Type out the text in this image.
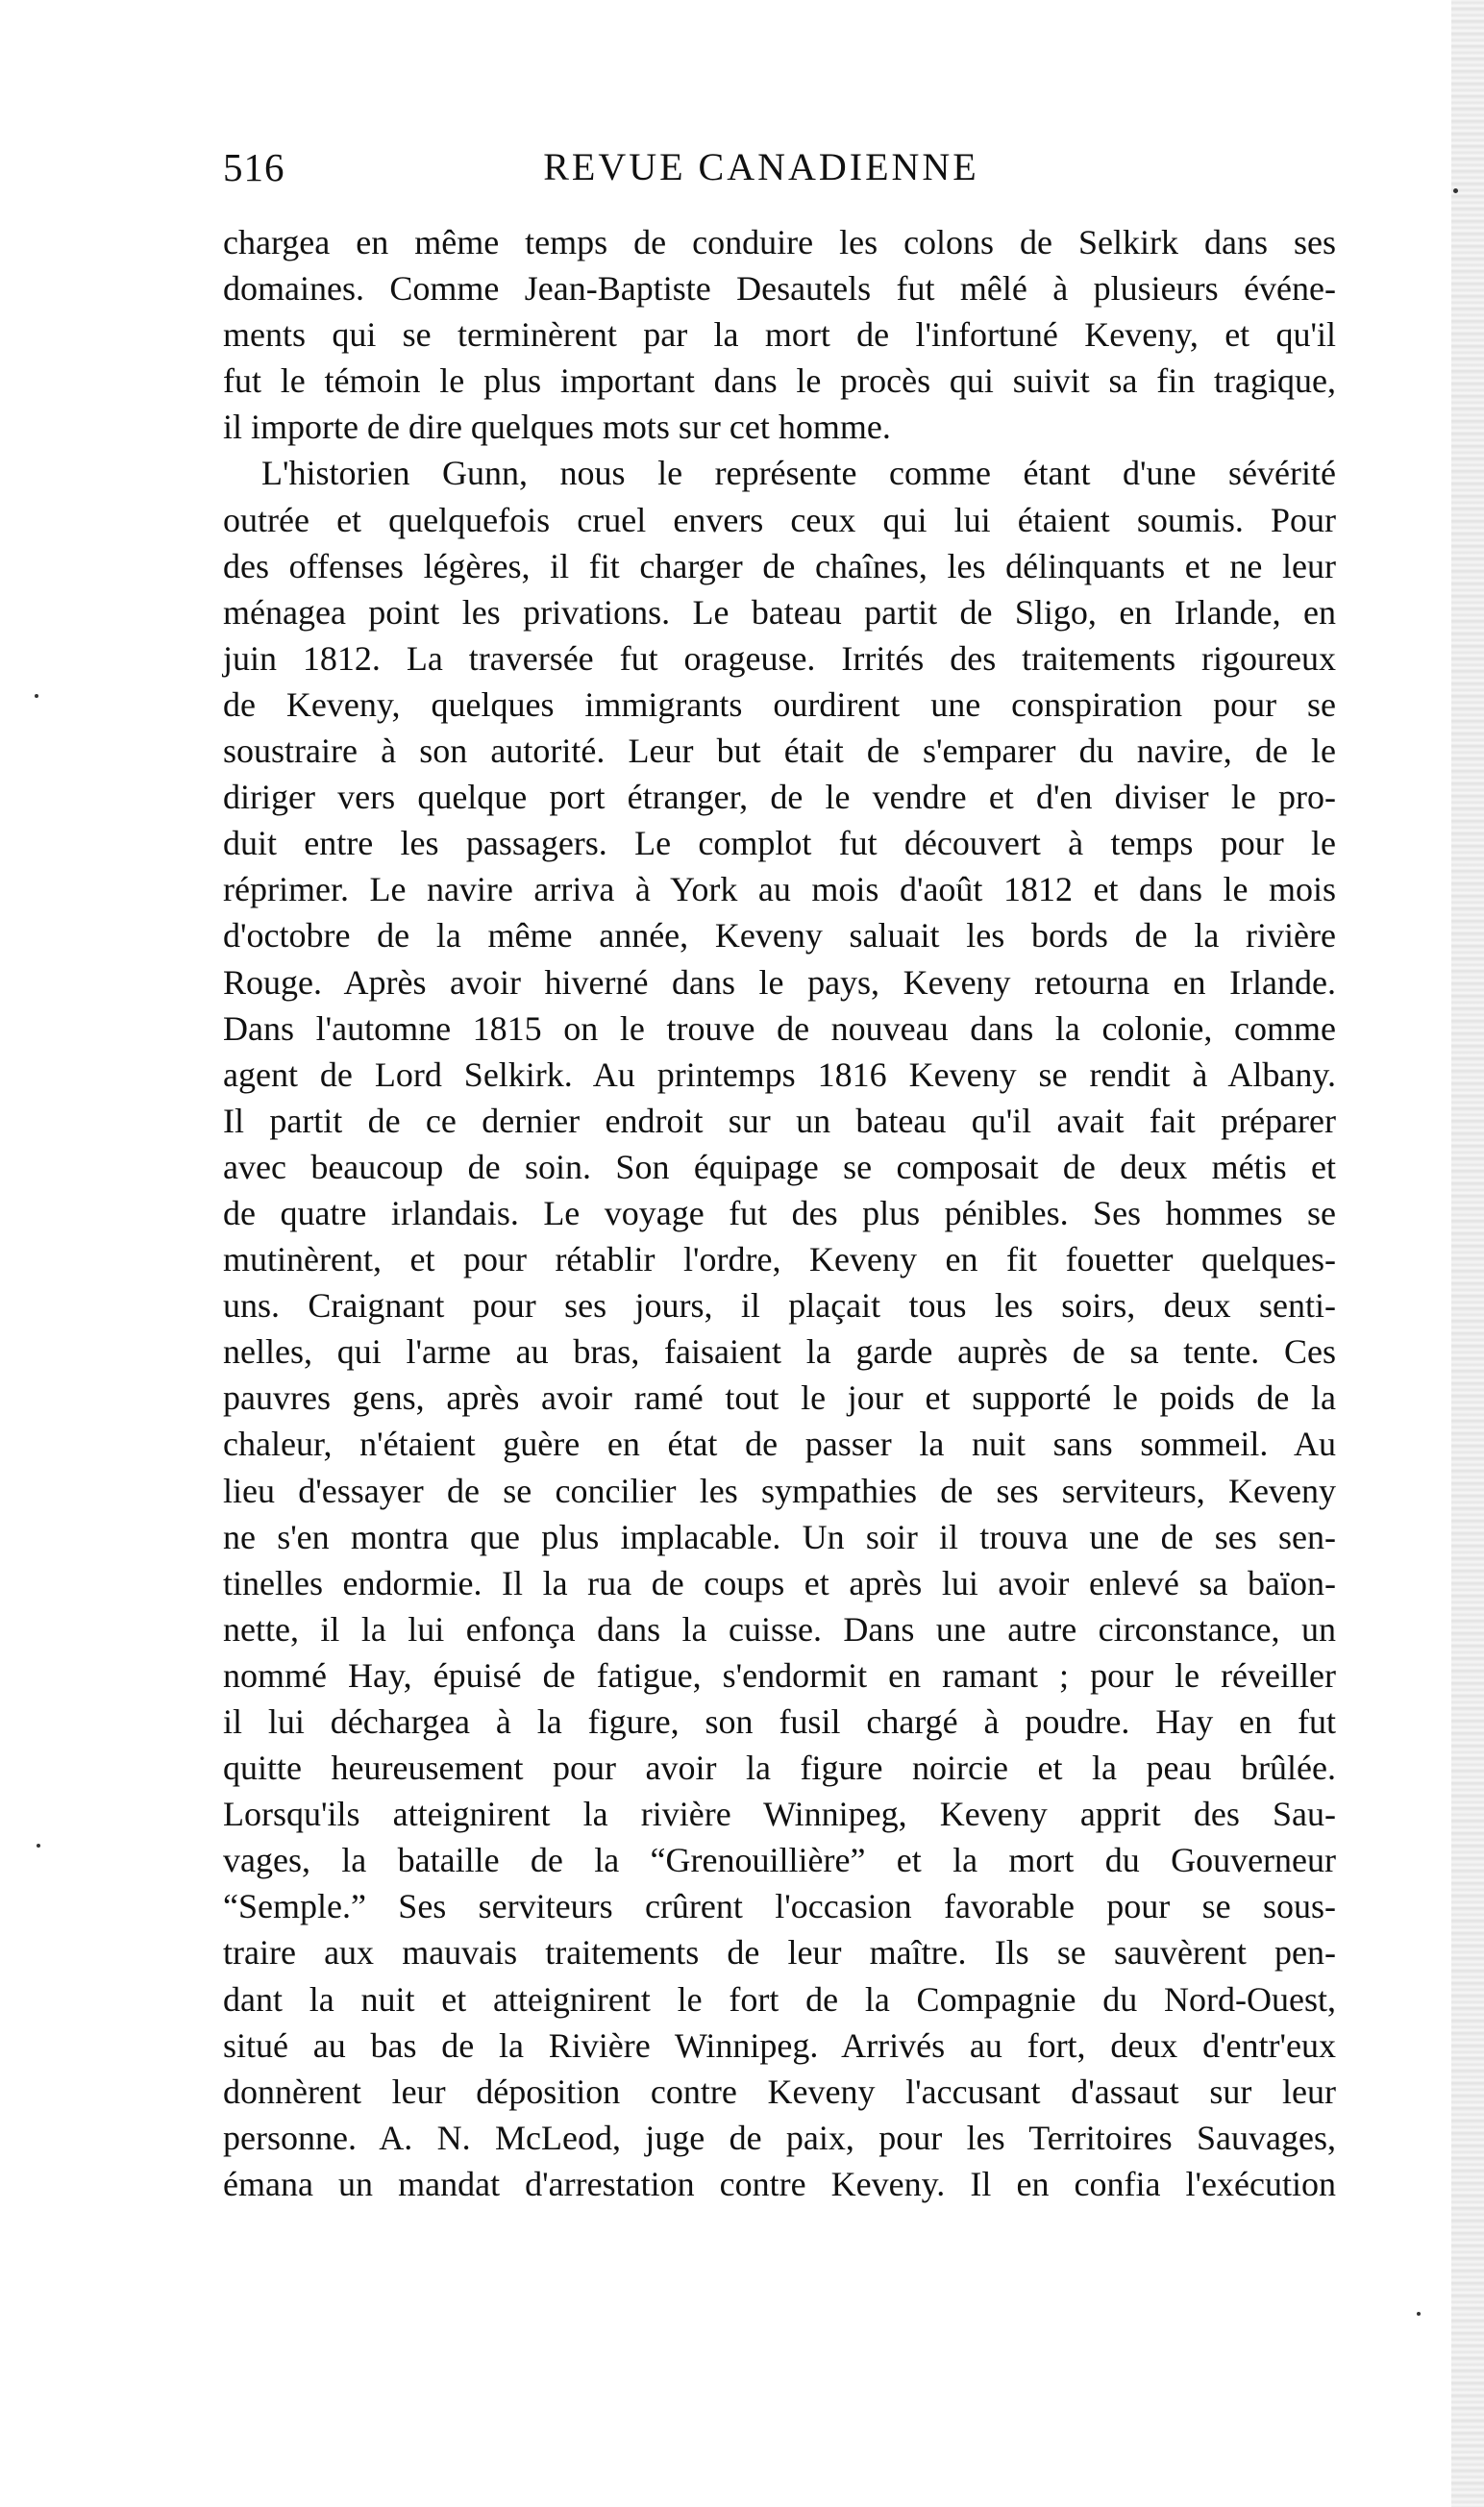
516	REVUE CANADIENNE
chargea en même temps de conduire les colons de Selkirk dans ses
domaines. Comme Jean-Baptiste Desautels fut mêlé à plusieurs événe-
ments qui se terminèrent par la mort de l'infortuné Keveny, et qu'il
fut le témoin le plus important dans le procès qui suivit sa fin tragique,
il importe de dire quelques mots sur cet homme.
L'historien Gunn, nous le représente comme étant d'une sévérité
outrée et quelquefois cruel envers ceux qui lui étaient soumis. Pour
des offenses légères, il fit charger de chaînes, les délinquants et ne leur
ménagea point les privations. Le bateau partit de Sligo, en Irlande, en
juin 1812. La traversée fut orageuse. Irrités des traitements rigoureux
de Keveny, quelques immigrants ourdirent une conspiration pour se
soustraire à son autorité. Leur but était de s'emparer du navire, de le
diriger vers quelque port étranger, de le vendre et d'en diviser le pro-
duit entre les passagers. Le complot fut découvert à temps pour le
réprimer. Le navire arriva à York au mois d'août 1812 et dans le mois
d'octobre de la même année, Keveny saluait les bords de la rivière
Rouge. Après avoir hiverné dans le pays, Keveny retourna en Irlande.
Dans l'automne 1815 on le trouve de nouveau dans la colonie, comme
agent de Lord Selkirk. Au printemps 1816 Keveny se rendit à Albany.
Il partit de ce dernier endroit sur un bateau qu'il avait fait préparer
avec beaucoup de soin. Son équipage se composait de deux métis et
de quatre irlandais. Le voyage fut des plus pénibles. Ses hommes se
mutinèrent, et pour rétablir l'ordre, Keveny en fit fouetter quelques-
uns. Craignant pour ses jours, il plaçait tous les soirs, deux senti-
nelles, qui l'arme au bras, faisaient la garde auprès de sa tente. Ces
pauvres gens, après avoir ramé tout le jour et supporté le poids de la
chaleur, n'étaient guère en état de passer la nuit sans sommeil. Au
lieu d'essayer de se concilier les sympathies de ses serviteurs, Keveny
ne s'en montra que plus implacable. Un soir il trouva une de ses sen-
tinelles endormie. Il la rua de coups et après lui avoir enlevé sa baïon-
nette, il la lui enfonça dans la cuisse. Dans une autre circonstance, un
nommé Hay, épuisé de fatigue, s'endormit en ramant ; pour le réveiller
il lui déchargea à la figure, son fusil chargé à poudre. Hay en fut
quitte heureusement pour avoir la figure noircie et la peau brûlée.
Lorsqu'ils atteignirent la rivière Winnipeg, Keveny apprit des Sau-
vages, la bataille de la “Grenouillière” et la mort du Gouverneur
“Semple.” Ses serviteurs crûrent l'occasion favorable pour se sous-
traire aux mauvais traitements de leur maître. Ils se sauvèrent pen-
dant la nuit et atteignirent le fort de la Compagnie du Nord-Ouest,
situé au bas de la Rivière Winnipeg. Arrivés au fort, deux d'entr'eux
donnèrent leur déposition contre Keveny l'accusant d'assaut sur leur
personne. A. N. McLeod, juge de paix, pour les Territoires Sauvages,
émana un mandat d'arrestation contre Keveny. Il en confia l'exécution
